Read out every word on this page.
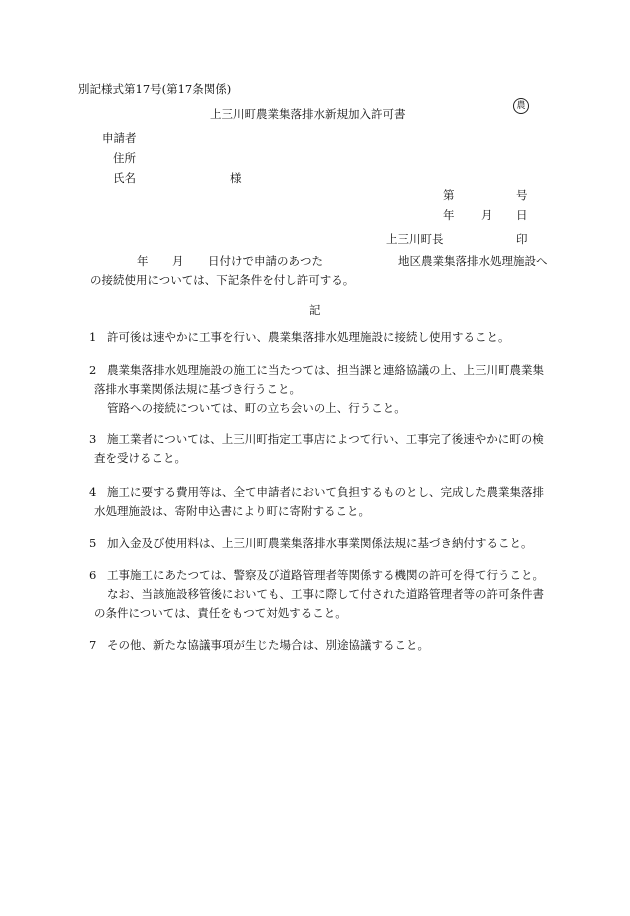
別記様式第17号(第17条関係)
上三川町農業集落排水新規加入許可書
農
申請者
住所
氏名	様
第	号
年 月 日
上三川町長	印
年 月 日付けで申請のあつた	地区農業集落排水処理施設へ
の接続使用については、下記条件を付し許可する。
記
1 許可後は速やかに工事を行い、農業集落排水処理施設に接続し使用すること。
2 農業集落排水処理施設の施工に当たつては、担当課と連絡協議の上、上三川町農業集
落排水事業関係法規に基づき行うこと。
管路への接続については、町の立ち会いの上、行うこと。
3 施工業者については、上三川町指定工事店によつて行い、工事完了後速やかに町の検
査を受けること。
4 施工に要する費用等は、全て申請者において負担するものとし、完成した農業集落排
水処理施設は、寄附申込書により町に寄附すること。
5 加入金及び使用料は、上三川町農業集落排水事業関係法規に基づき納付すること。
6 工事施工にあたつては、警察及び道路管理者等関係する機関の許可を得て行うこと。
なお、当該施設移管後においても、工事に際して付された道路管理者等の許可条件書
の条件については、責任をもつて対処すること。
7 その他、新たな協議事項が生じた場合は、別途協議すること。
